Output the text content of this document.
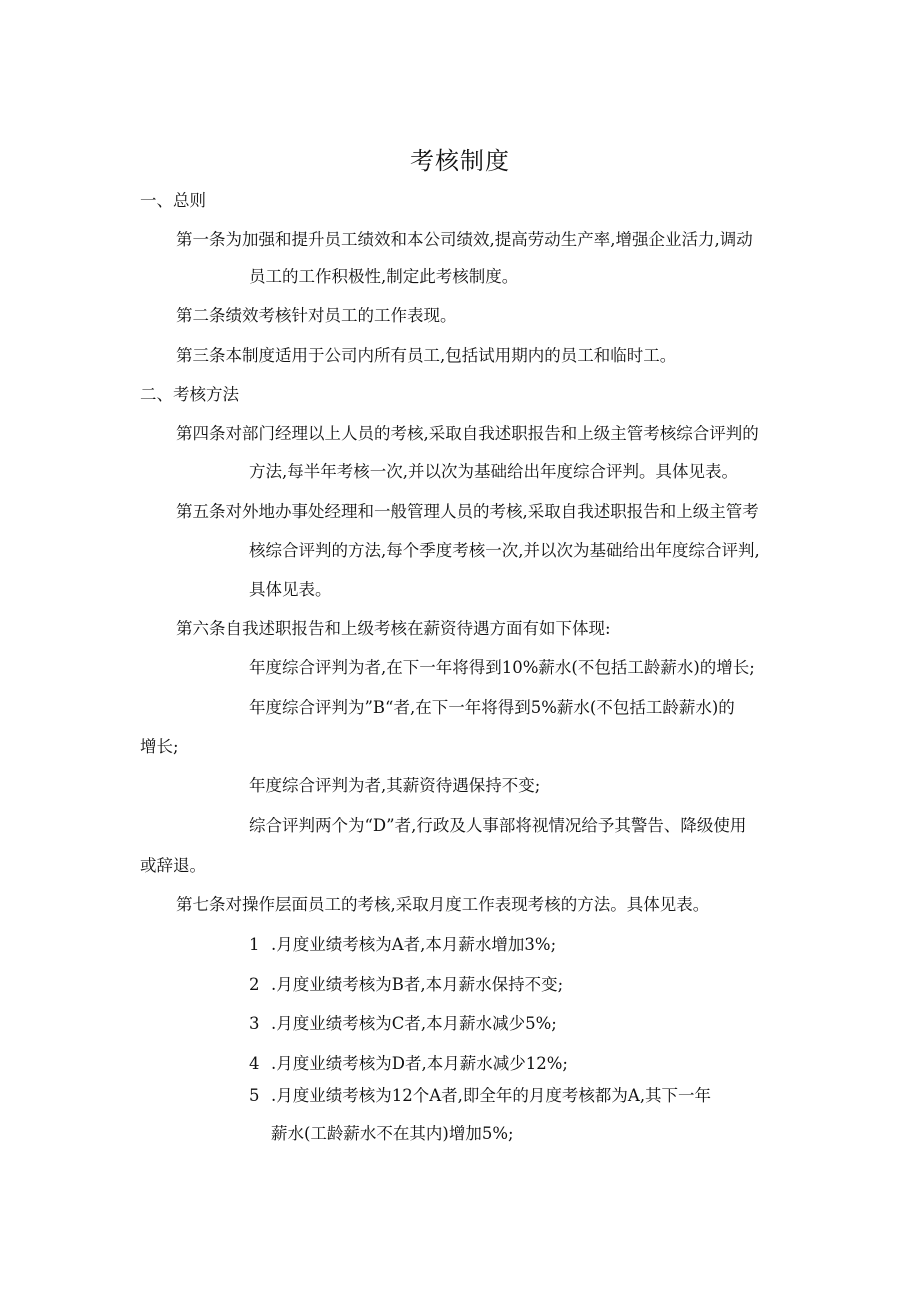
考核制度
一、总则
第一条为加强和提升员工绩效和本公司绩效,提高劳动生产率,增强企业活力,调动
员工的工作积极性,制定此考核制度。
第二条绩效考核针对员工的工作表现。
第三条本制度适用于公司内所有员工,包括试用期内的员工和临时工。
二、考核方法
第四条对部门经理以上人员的考核,采取自我述职报告和上级主管考核综合评判的
方法,每半年考核一次,并以次为基础给出年度综合评判。具体见表。
第五条对外地办事处经理和一般管理人员的考核,采取自我述职报告和上级主管考
核综合评判的方法,每个季度考核一次,并以次为基础给出年度综合评判,
具体见表。
第六条自我述职报告和上级考核在薪资待遇方面有如下体现:
年度综合评判为者,在下一年将得到10%薪水(不包括工龄薪水)的增长;
年度综合评判为”B“者,在下一年将得到5%薪水(不包括工龄薪水)的
增长;
年度综合评判为者,其薪资待遇保持不变;
综合评判两个为“D”者,行政及人事部将视情况给予其警告、降级使用
或辞退。
第七条对操作层面员工的考核,采取月度工作表现考核的方法。具体见表。
1 .月度业绩考核为A者,本月薪水增加3%;
2 .月度业绩考核为B者,本月薪水保持不变;
3 .月度业绩考核为C者,本月薪水减少5%;
4 .月度业绩考核为D者,本月薪水减少12%;
5 .月度业绩考核为12个A者,即全年的月度考核都为A,其下一年
薪水(工龄薪水不在其内)增加5%;
